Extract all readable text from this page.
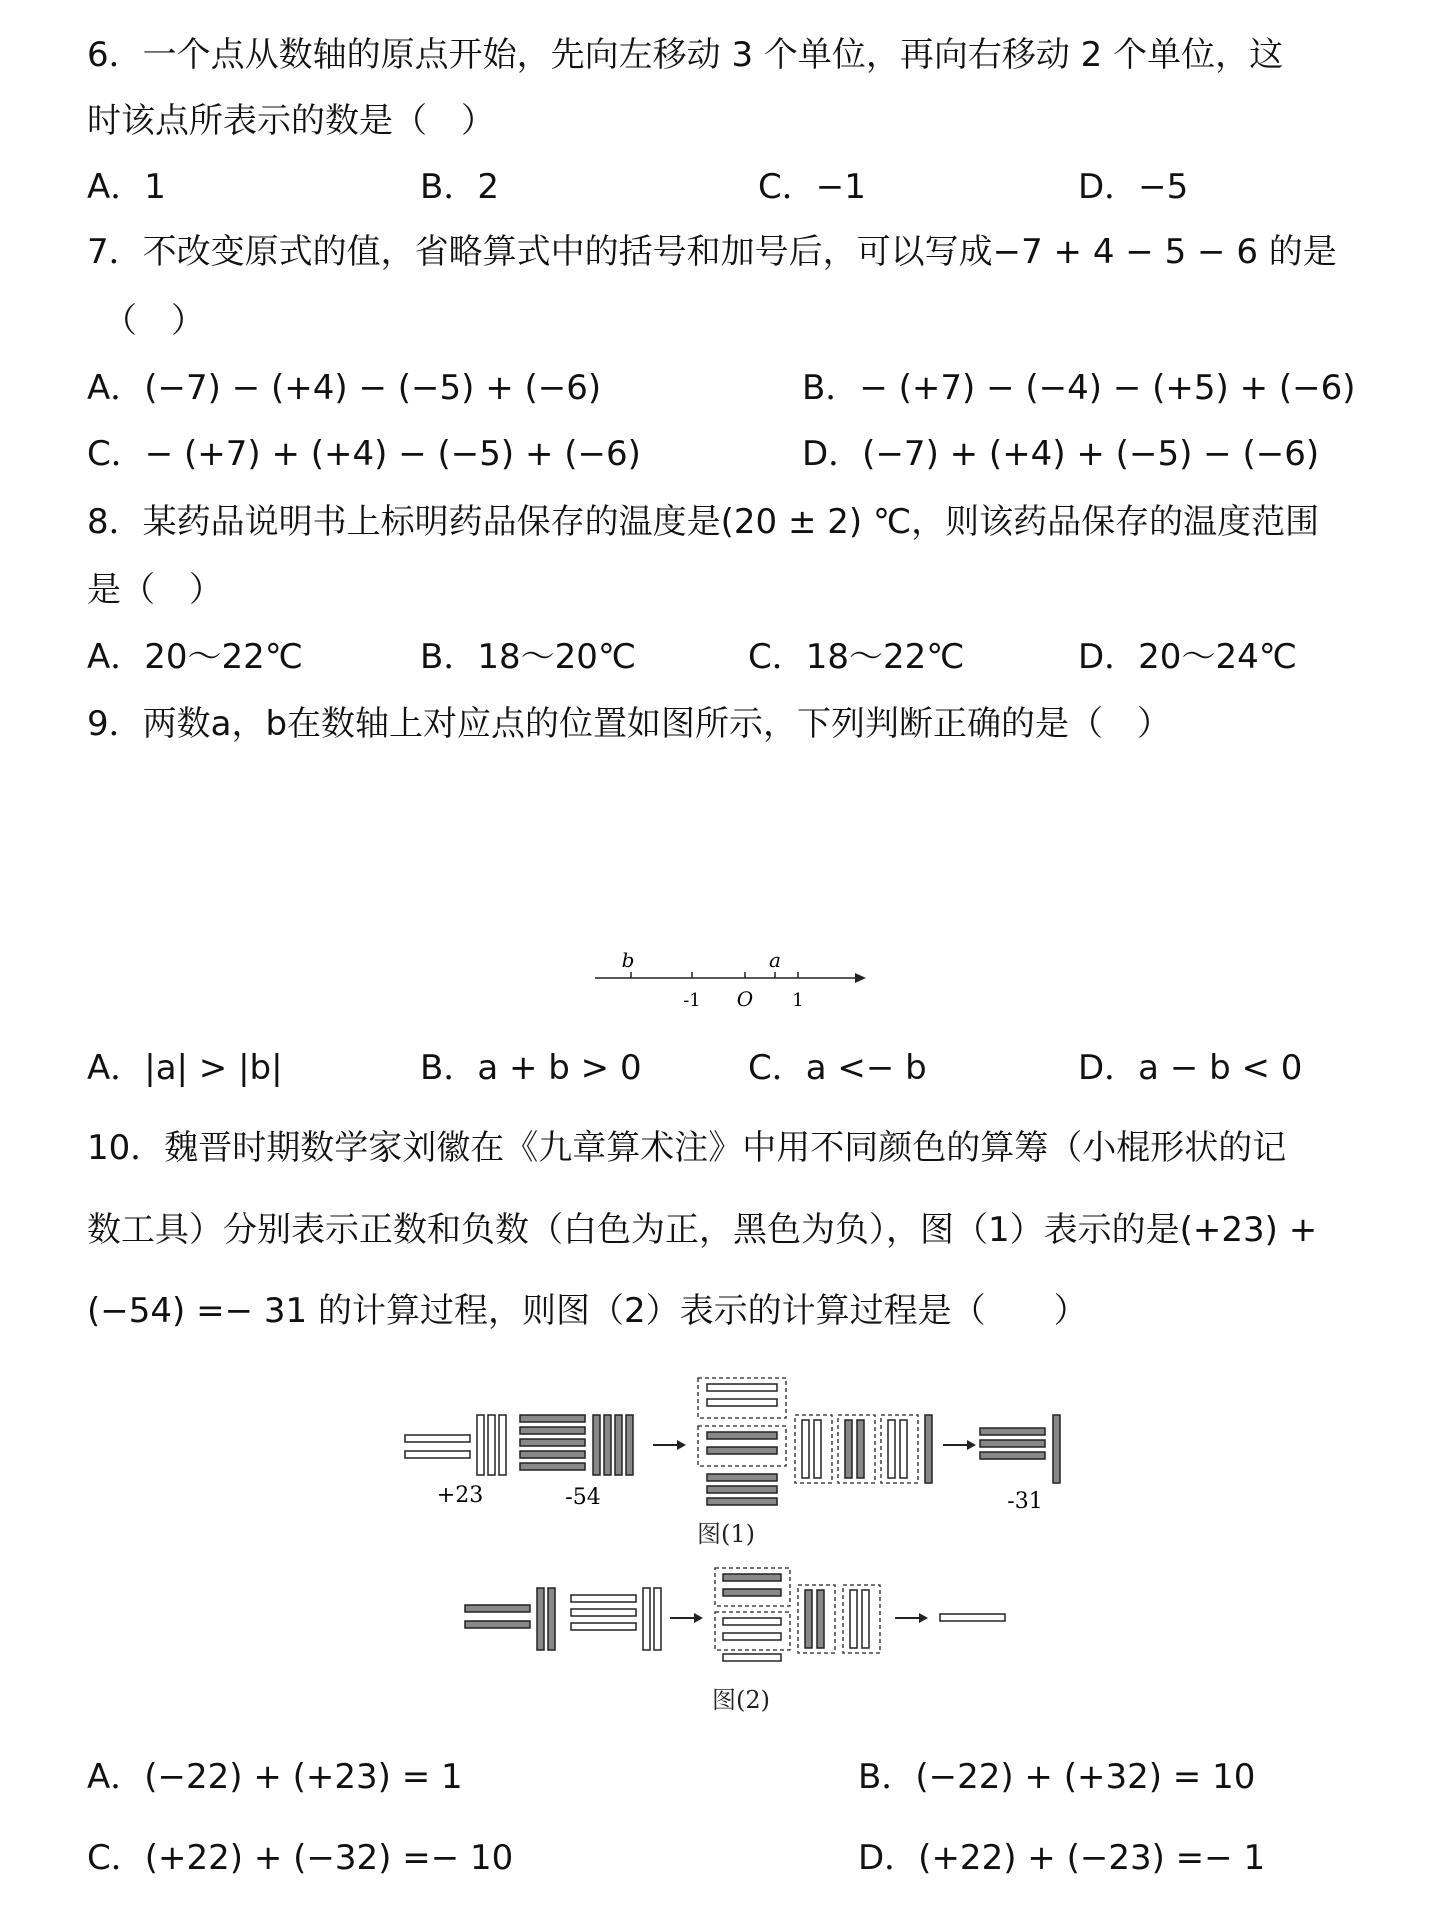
6．一个点从数轴的原点开始，先向左移动 3 个单位，再向右移动 2 个单位，这
时该点所表示的数是（　）
A．1	B．2	C．−1	D．−5
7．不改变原式的值，省略算式中的括号和加号后，可以写成−7 + 4 − 5 − 6 的是
（　）
A．(−7) − (+4) − (−5) + (−6)	B．− (+7) − (−4) − (+5) + (−6)
C．− (+7) + (+4) − (−5) + (−6)	D．(−7) + (+4) + (−5) − (−6)
8．某药品说明书上标明药品保存的温度是(20 ± 2) ℃，则该药品保存的温度范围
是（　）
A．20～22℃	B．18～20℃	C．18～22℃	D．20～24℃
9．两数a，b在数轴上对应点的位置如图所示，下列判断正确的是（　）
b	a
-1 O 1
A．|a| > |b|	B．a + b > 0	C．a <− b	D．a − b < 0
10．魏晋时期数学家刘徽在《九章算术注》中用不同颜色的算筹（小棍形状的记
数工具）分别表示正数和负数（白色为正，黑色为负），图（1）表示的是(+23) +
(−54) =− 31 的计算过程，则图（2）表示的计算过程是（　　）
+23	-54	-31
图(1)
图(2)
A．(−22) + (+23) = 1	B．(−22) + (+32) = 10
C．(+22) + (−32) =− 10	D．(+22) + (−23) =− 1
